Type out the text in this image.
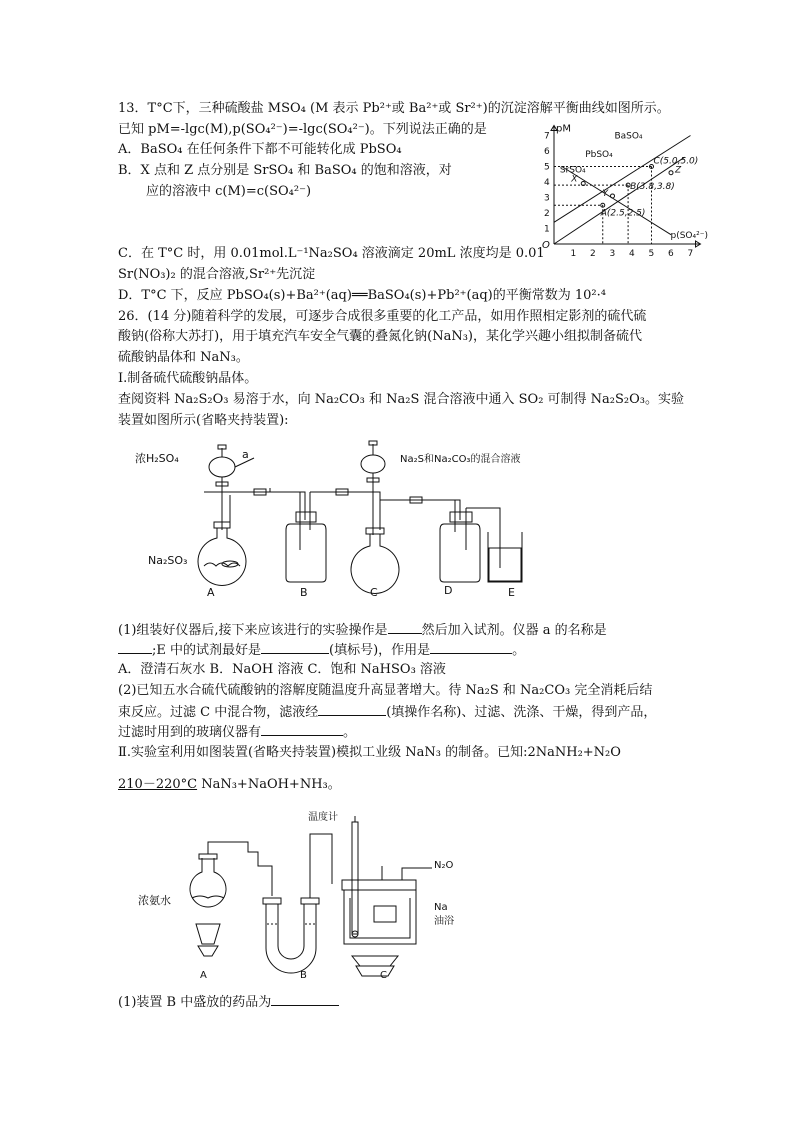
13．T°C下，三种硫酸盐 MSO₄ (M 表示 Pb²⁺或 Ba²⁺或 Sr²⁺)的沉淀溶解平衡曲线如图所示。
已知 pM=-lgc(M),p(SO₄²⁻)=-lgc(SO₄²⁻)。下列说法正确的是
A．BaSO₄ 在任何条件下都不可能转化成 PbSO₄
B．X 点和 Z 点分别是 SrSO₄ 和 BaSO₄ 的饱和溶液，对
应的溶液中 c(M)=c(SO₄²⁻)
C．在 T°C 时，用 0.01mol.L⁻¹Na₂SO₄ 溶液滴定 20mL 浓度均是 0.01
Sr(NO₃)₂ 的混合溶液,Sr²⁺先沉淀
D．T°C 下，反应 PbSO₄(s)+Ba²⁺(aq)══BaSO₄(s)+Pb²⁺(aq)的平衡常数为 10²·⁴
pM
p(SO₄²⁻)
O
1 2 3 4 5 6 7
1
2
3
4
5
6
7	BaSO₄
PbSO₄
SrSO₄
C(5.0,5.0)
B(3.8,3.8)
A(2.5,2.5)
X
Y
Z
26．(14 分)随着科学的发展，可逐步合成很多重要的化工产品，如用作照相定影剂的硫代硫
酸钠(俗称大苏打)，用于填充汽车安全气囊的叠氮化钠(NaN₃)，某化学兴趣小组拟制备硫代
硫酸钠晶体和 NaN₃。
I.制备硫代硫酸钠晶体。
查阅资料 Na₂S₂O₃ 易溶于水，向 Na₂CO₃ 和 Na₂S 混合溶液中通入 SO₂ 可制得 Na₂S₂O₃。实验
装置如图所示(省略夹持装置):
浓H₂SO₄	a	Na₂S和Na₂CO₃的混合溶液
Na₂SO₃
A	B	C	D	E
(1)组装好仪器后,接下来应该进行的实验操作是	然后加入试剂。仪器 a 的名称是
;E 中的试剂最好是	(填标号)，作用是	。
A．澄清石灰水 B．NaOH 溶液 C．饱和 NaHSO₃ 溶液
(2)已知五水合硫代硫酸钠的溶解度随温度升高显著增大。待 Na₂S 和 Na₂CO₃ 完全消耗后结
束反应。过滤 C 中混合物，滤液经	(填操作名称)、过滤、洗涤、干燥，得到产品，
过滤时用到的玻璃仪器有	。
Ⅱ.实验室利用如图装置(省略夹持装置)模拟工业级 NaN₃ 的制备。已知:2NaNH₂+N₂O
210－220°C NaN₃+NaOH+NH₃。
温度计
N₂O
浓氨水
Na
油浴
A	B	C
(1)装置 B 中盛放的药品为
